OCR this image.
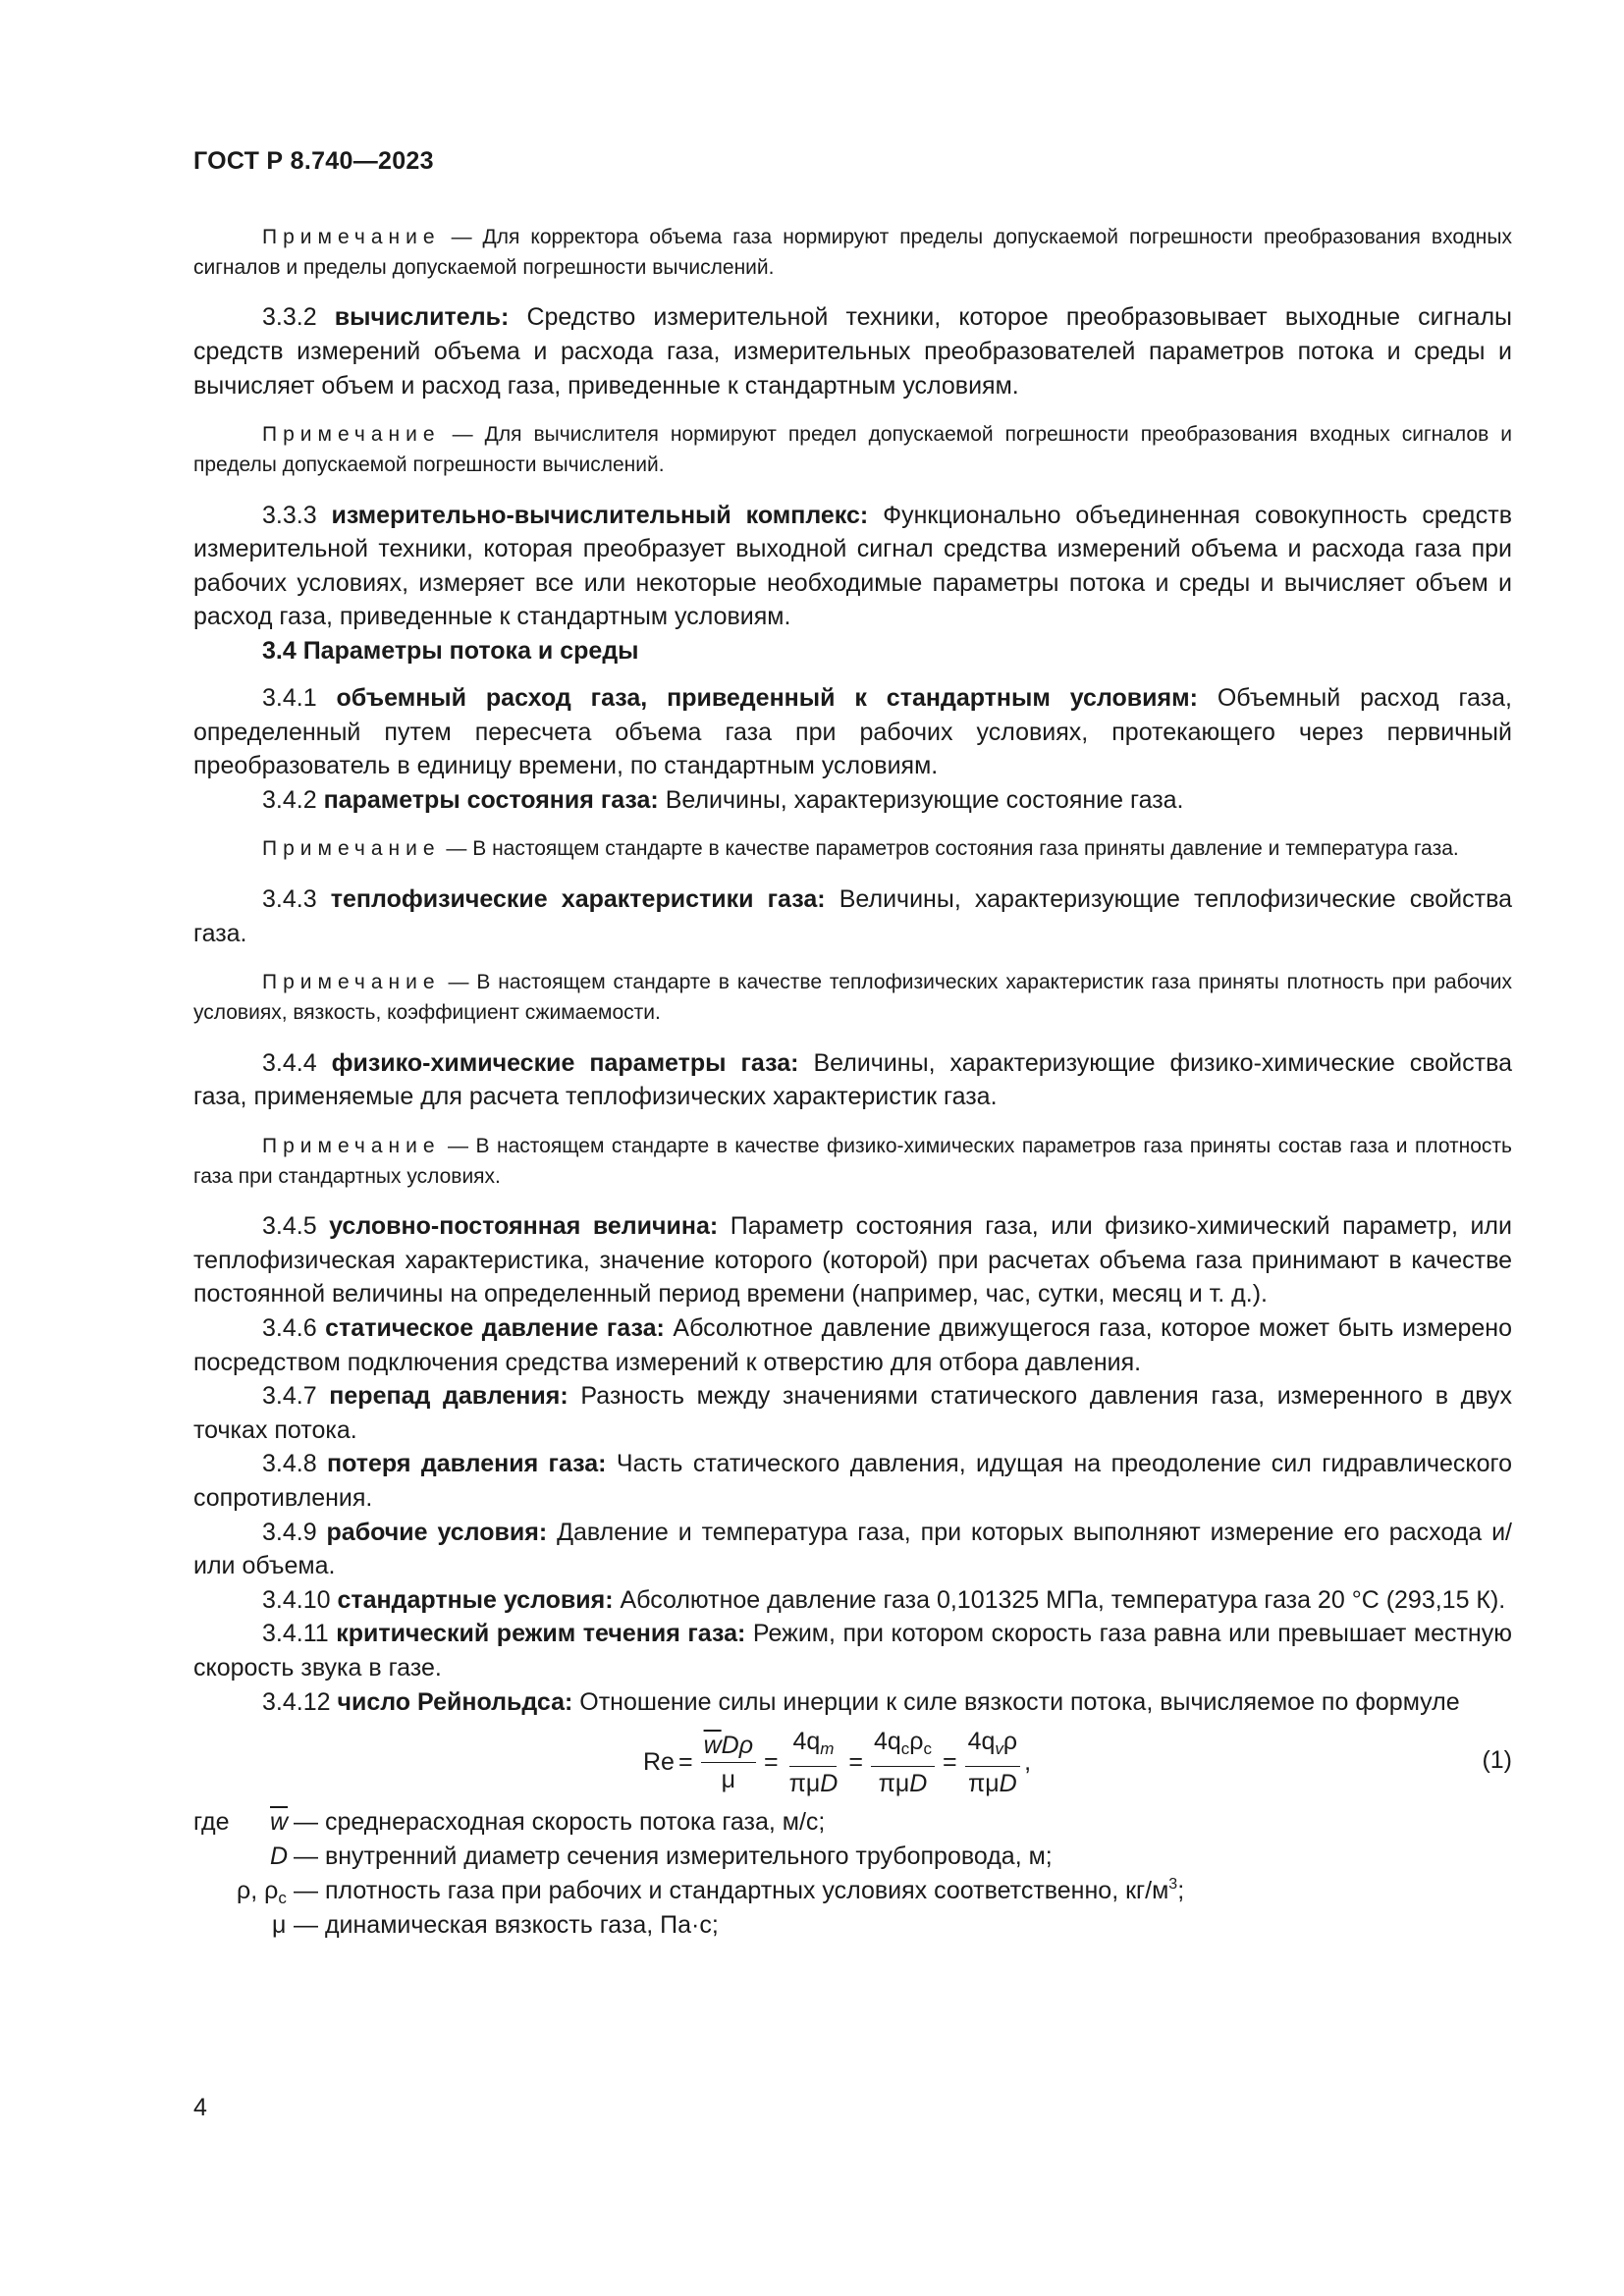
ГОСТ Р 8.740—2023

Примечание — Для корректора объема газа нормируют пределы допускаемой погрешности преобразования входных сигналов и пределы допускаемой погрешности вычислений.

3.3.2 вычислитель: Средство измерительной техники, которое преобразовывает выходные сигналы средств измерений объема и расхода газа, измерительных преобразователей параметров потока и среды и вычисляет объем и расход газа, приведенные к стандартным условиям.

Примечание — Для вычислителя нормируют предел допускаемой погрешности преобразования входных сигналов и пределы допускаемой погрешности вычислений.

3.3.3 измерительно-вычислительный комплекс: Функционально объединенная совокупность средств измерительной техники, которая преобразует выходной сигнал средства измерений объема и расхода газа при рабочих условиях, измеряет все или некоторые необходимые параметры потока и среды и вычисляет объем и расход газа, приведенные к стандартным условиям.

3.4 Параметры потока и среды

3.4.1 объемный расход газа, приведенный к стандартным условиям: Объемный расход газа, определенный путем пересчета объема газа при рабочих условиях, протекающего через первичный преобразователь в единицу времени, по стандартным условиям.

3.4.2 параметры состояния газа: Величины, характеризующие состояние газа.

Примечание — В настоящем стандарте в качестве параметров состояния газа приняты давление и температура газа.

3.4.3 теплофизические характеристики газа: Величины, характеризующие теплофизические свойства газа.

Примечание — В настоящем стандарте в качестве теплофизических характеристик газа приняты плотность при рабочих условиях, вязкость, коэффициент сжимаемости.

3.4.4 физико-химические параметры газа: Величины, характеризующие физико-химические свойства газа, применяемые для расчета теплофизических характеристик газа.

Примечание — В настоящем стандарте в качестве физико-химических параметров газа приняты состав газа и плотность газа при стандартных условиях.

3.4.5 условно-постоянная величина: Параметр состояния газа, или физико-химический параметр, или теплофизическая характеристика, значение которого (которой) при расчетах объема газа принимают в качестве постоянной величины на определенный период времени (например, час, сутки, месяц и т. д.).

3.4.6 статическое давление газа: Абсолютное давление движущегося газа, которое может быть измерено посредством подключения средства измерений к отверстию для отбора давления.

3.4.7 перепад давления: Разность между значениями статического давления газа, измеренного в двух точках потока.

3.4.8 потеря давления газа: Часть статического давления, идущая на преодоление сил гидравлического сопротивления.

3.4.9 рабочие условия: Давление и температура газа, при которых выполняют измерение его расхода и/или объема.

3.4.10 стандартные условия: Абсолютное давление газа 0,101325 МПа, температура газа 20 °С (293,15 К).

3.4.11 критический режим течения газа: Режим, при котором скорость газа равна или превышает местную скорость звука в газе.

3.4.12 число Рейнольдса: Отношение силы инерции к силе вязкости потока, вычисляемое по формуле

$Re = \frac{\overline{w}D\rho}{\mu} = \frac{4q_m}{\text{πμD}} = \frac{4q_с\rho_с}{\text{πμD}} = \frac{4q_v\rho}{\text{πμD}}$ ,	(1)
где $\overline{w}$ — среднерасходная скорость потока газа, м/с;
D — внутренний диаметр сечения измерительного трубопровода, м;
ρ, $\rho_с$ — плотность газа при рабочих и стандартных условиях соответственно, $кг/м^3$;
μ — динамическая вязкость газа, Па·с;
4
